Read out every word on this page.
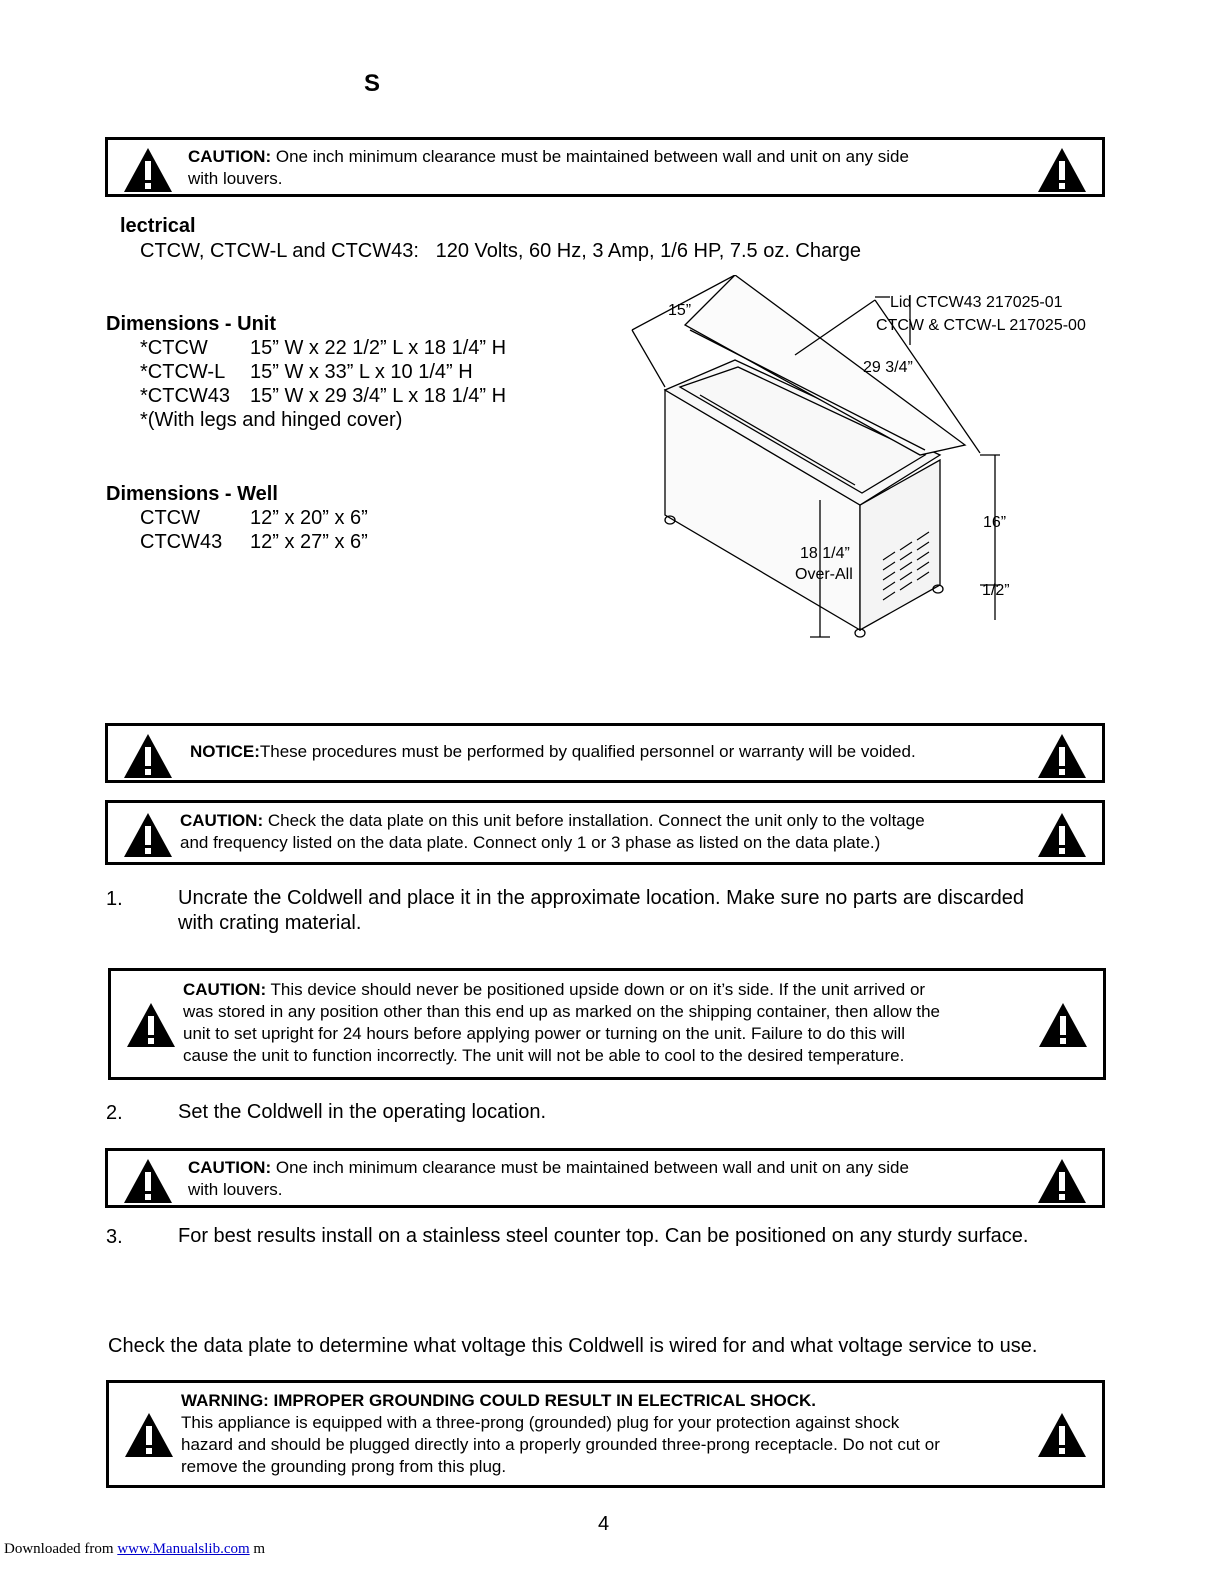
S
CAUTION: One inch minimum clearance must be maintained between wall and unit on any side
with louvers.
lectrical
CTCW, CTCW-L and CTCW43:   120 Volts, 60 Hz, 3 Amp, 1/6 HP, 7.5 oz. Charge
Dimensions - Unit
*CTCW 15” W x 22 1/2” L x 18 1/4” H
*CTCW-L 15” W x 33” L x 10 1/4” H
*CTCW43 15” W x 29 3/4” L x 18 1/4” H
*(With legs and hinged cover)
Dimensions - Well
CTCW	12” x 20” x 6”
CTCW43 12” x 27” x 6”
15”	Lid CTCW43 217025-01
CTCW & CTCW-L 217025-00
29 3/4”
16”
18 1/4”
Over-All
1/2”
NOTICE:These procedures must be performed by qualified personnel or warranty will be voided.
CAUTION: Check the data plate on this unit before installation. Connect the unit only to the voltage
and frequency listed on the data plate. Connect only 1 or 3 phase as listed on the data plate.)
1.	Uncrate the Coldwell and place it in the approximate location. Make sure no parts are discarded
with crating material.
CAUTION: This device should never be positioned upside down or on it’s side. If the unit arrived or
was stored in any position other than this end up as marked on the shipping container, then allow the
unit to set upright for 24 hours before applying power or turning on the unit. Failure to do this will
cause the unit to function incorrectly. The unit will not be able to cool to the desired temperature.
2.	Set the Coldwell in the operating location.
CAUTION: One inch minimum clearance must be maintained between wall and unit on any side
with louvers.
3.	For best results install on a stainless steel counter top. Can be positioned on any sturdy surface.
Check the data plate to determine what voltage this Coldwell is wired for and what voltage service to use.
WARNING: IMPROPER GROUNDING COULD RESULT IN ELECTRICAL SHOCK.
This appliance is equipped with a three-prong (grounded) plug for your protection against shock
hazard and should be plugged directly into a properly grounded three-prong receptacle. Do not cut or
remove the grounding prong from this plug.
4
Downloaded from www.Manualslib.com m
